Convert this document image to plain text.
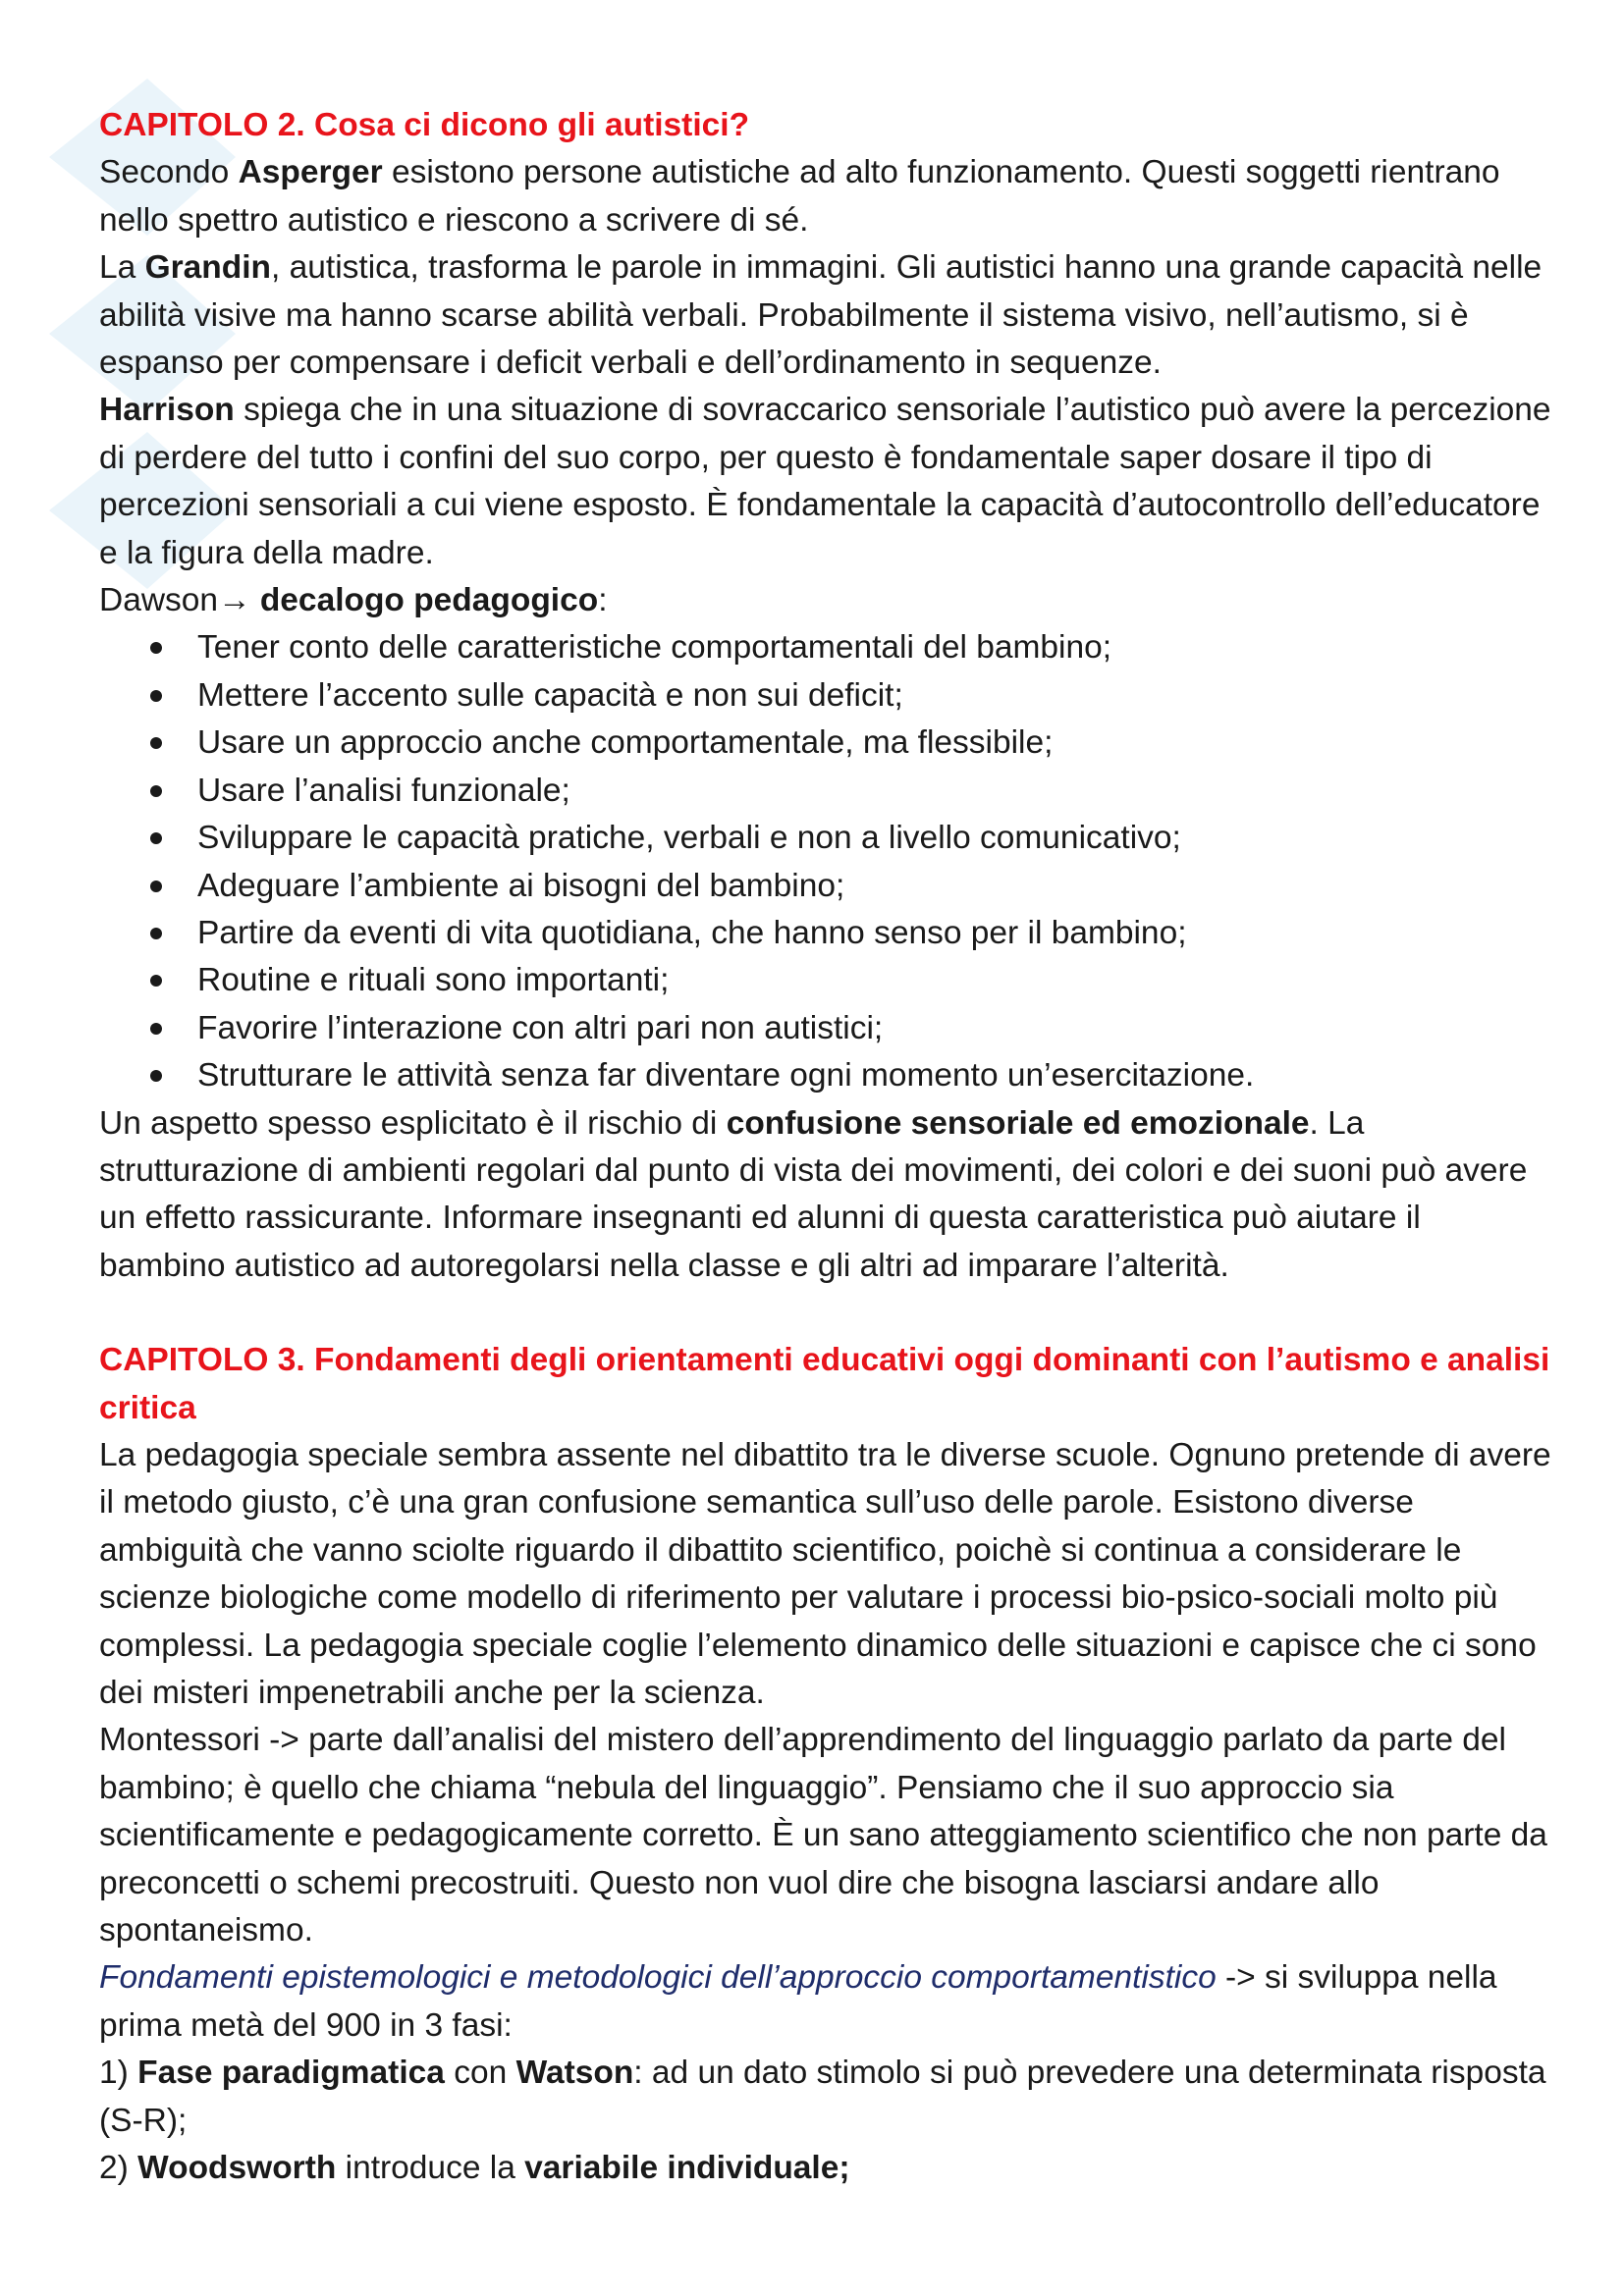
CAPITOLO 2. Cosa ci dicono gli autistici?

Secondo Asperger esistono persone autistiche ad alto funzionamento. Questi soggetti rientrano nello spettro autistico e riescono a scrivere di sé.

La Grandin, autistica, trasforma le parole in immagini. Gli autistici hanno una grande capacità nelle abilità visive ma hanno scarse abilità verbali. Probabilmente il sistema visivo, nell’autismo, si è espanso per compensare i deficit verbali e dell’ordinamento in sequenze.

Harrison spiega che in una situazione di sovraccarico sensoriale l’autistico può avere la percezione di perdere del tutto i confini del suo corpo, per questo è fondamentale saper dosare il tipo di percezioni sensoriali a cui viene esposto. È fondamentale la capacità d’autocontrollo dell’educatore e la figura della madre.

Dawson→ decalogo pedagogico:

Tener conto delle caratteristiche comportamentali del bambino;
Mettere l’accento sulle capacità e non sui deficit;
Usare un approccio anche comportamentale, ma flessibile;
Usare l’analisi funzionale;
Sviluppare le capacità pratiche, verbali e non a livello comunicativo;
Adeguare l’ambiente ai bisogni del bambino;
Partire da eventi di vita quotidiana, che hanno senso per il bambino;
Routine e rituali sono importanti;
Favorire l’interazione con altri pari non autistici;
Strutturare le attività senza far diventare ogni momento un’esercitazione.

Un aspetto spesso esplicitato è il rischio di confusione sensoriale ed emozionale. La strutturazione di ambienti regolari dal punto di vista dei movimenti, dei colori e dei suoni può avere un effetto rassicurante. Informare insegnanti ed alunni di questa caratteristica può aiutare il bambino autistico ad autoregolarsi nella classe e gli altri ad imparare l’alterità.

CAPITOLO 3. Fondamenti degli orientamenti educativi oggi dominanti con l’autismo e analisi critica

La pedagogia speciale sembra assente nel dibattito tra le diverse scuole. Ognuno pretende di avere il metodo giusto, c’è una gran confusione semantica sull’uso delle parole. Esistono diverse ambiguità che vanno sciolte riguardo il dibattito scientifico, poichè si continua a considerare le scienze biologiche come modello di riferimento per valutare i processi bio-psico-sociali molto più complessi. La pedagogia speciale coglie l’elemento dinamico delle situazioni e capisce che ci sono dei misteri impenetrabili anche per la scienza.

Montessori -> parte dall’analisi del mistero dell’apprendimento del linguaggio parlato da parte del bambino; è quello che chiama “nebula del linguaggio”. Pensiamo che il suo approccio sia scientificamente e pedagogicamente corretto. È un sano atteggiamento scientifico che non parte da preconcetti o schemi precostruiti. Questo non vuol dire che bisogna lasciarsi andare allo spontaneismo.

Fondamenti epistemologici e metodologici dell’approccio comportamentistico -> si sviluppa nella prima metà del 900 in 3 fasi:

1) Fase paradigmatica con Watson: ad un dato stimolo si può prevedere una determinata risposta (S-R);

2) Woodsworth introduce la variabile individuale;
